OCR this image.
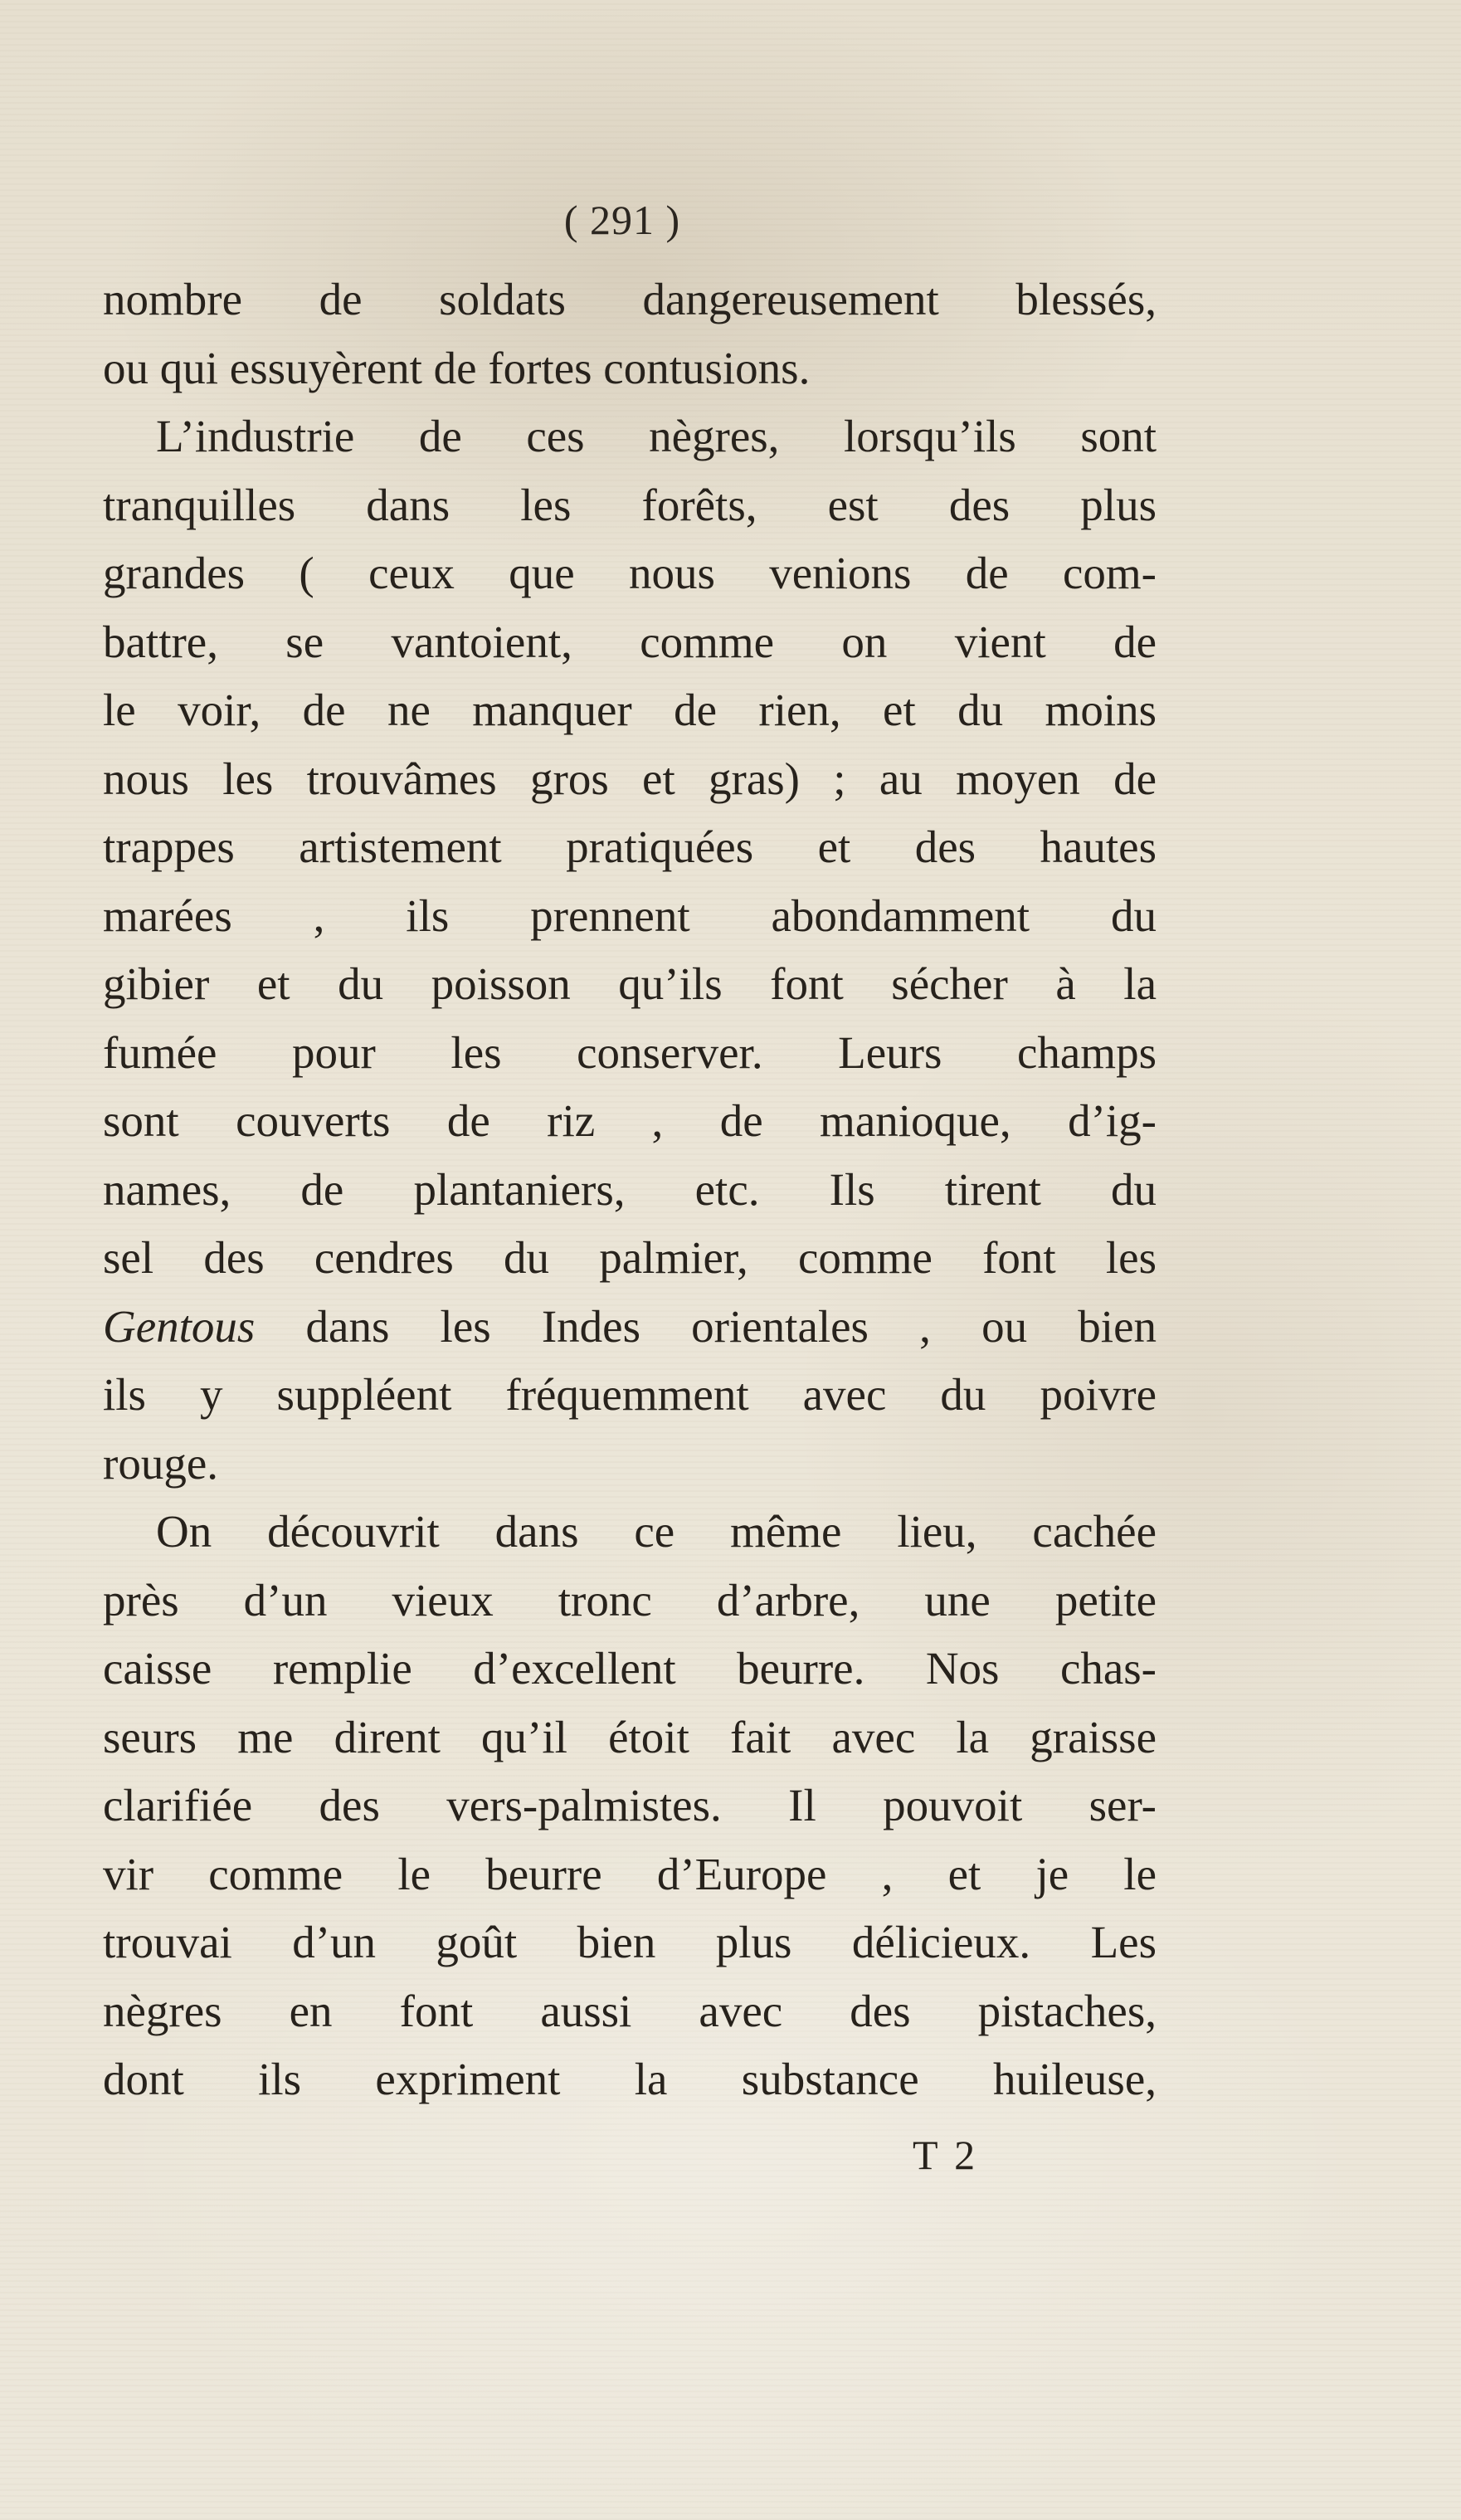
( 291 )
nombre de soldats dangereusement blessés,
ou qui essuyèrent de fortes contusions.
L’industrie de ces nègres, lorsqu’ils sont
tranquilles dans les forêts, est des plus
grandes ( ceux que nous venions de com-
battre, se vantoient, comme on vient de
le voir, de ne manquer de rien, et du moins
nous les trouvâmes gros et gras) ; au moyen de
trappes artistement pratiquées et des hautes
marées , ils prennent abondamment du
gibier et du poisson qu’ils font sécher à la
fumée pour les conserver. Leurs champs
sont couverts de riz , de manioque, d’ig-
names, de plantaniers, etc. Ils tirent du
sel des cendres du palmier, comme font les
Gentous dans les Indes orientales , ou bien
ils y suppléent fréquemment avec du poivre
rouge.
On découvrit dans ce même lieu, cachée
près d’un vieux tronc d’arbre, une petite
caisse remplie d’excellent beurre. Nos chas-
seurs me dirent qu’il étoit fait avec la graisse
clarifiée des vers-palmistes. Il pouvoit ser-
vir comme le beurre d’Europe , et je le
trouvai d’un goût bien plus délicieux. Les
nègres en font aussi avec des pistaches,
dont ils expriment la substance huileuse,
T 2
